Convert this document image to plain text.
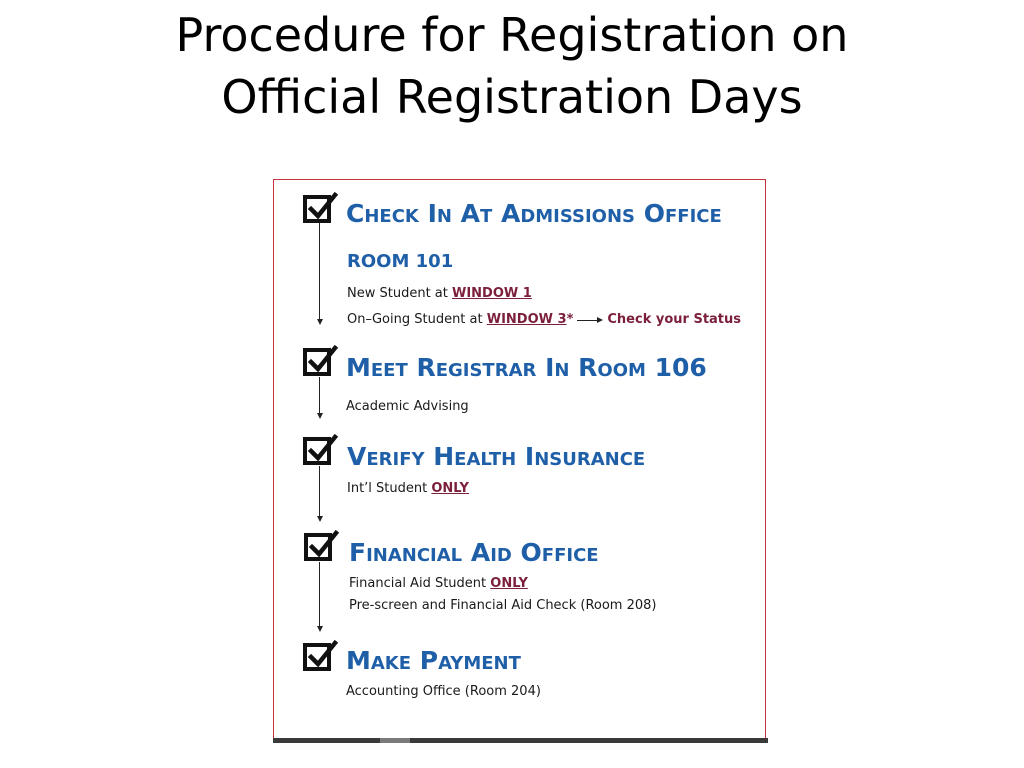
Procedure for Registration on
Official Registration Days
Check In At Admissions Office
ROOM 101
New Student at WINDOW 1
On–Going Student at WINDOW 3*	Check your Status
Meet Registrar In Room 106
Academic Advising
Verify Health Insurance
Int’l Student ONLY
Financial Aid Office
Financial Aid Student ONLY
Pre-screen and Financial Aid Check (Room 208)
Make Payment
Accounting Office (Room 204)
